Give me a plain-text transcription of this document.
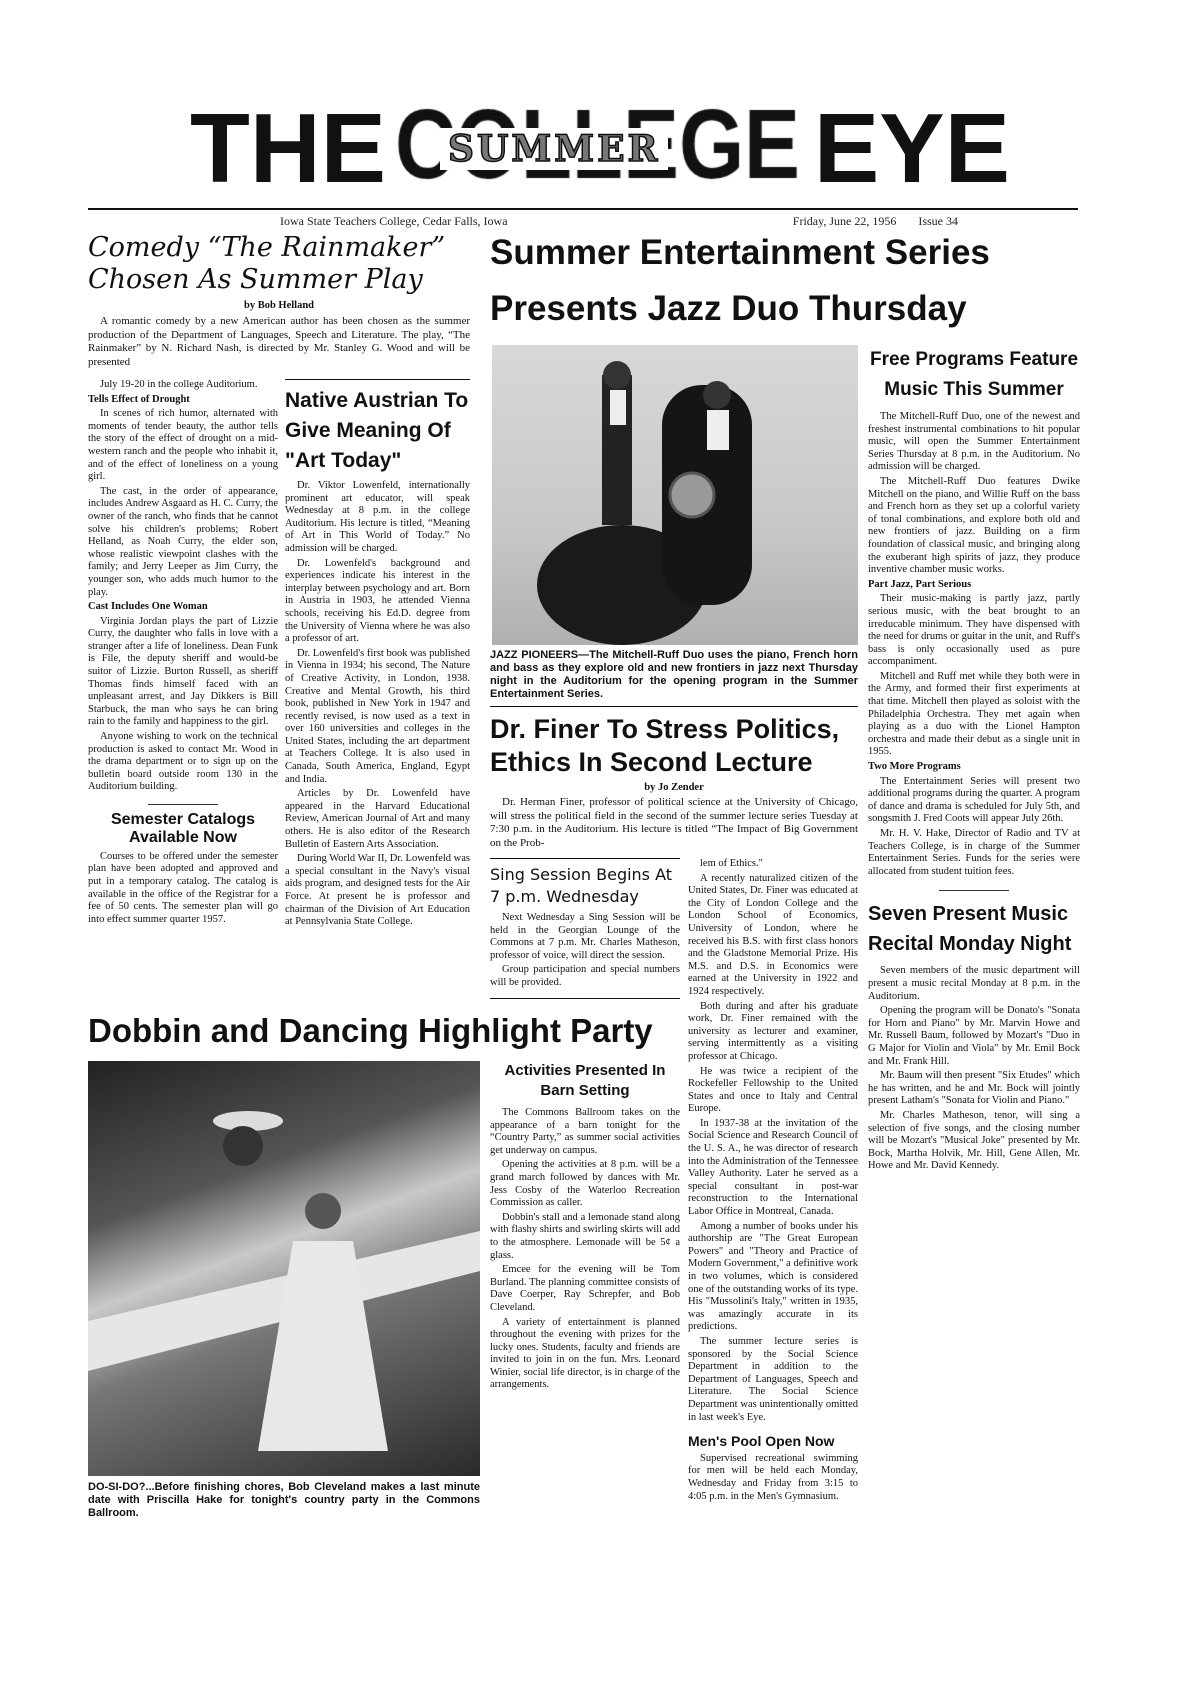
THE SUMMER EYE
Iowa State Teachers College, Cedar Falls, Iowa	Friday, June 22, 1956 Issue 34
Comedy “The Rainmaker”
Chosen As Summer Play
by Bob Helland

A romantic comedy by a new American author has been chosen as the summer production of the Department of Languages, Speech and Literature. The play, “The Rainmaker” by N. Richard Nash, is directed by Mr. Stanley G. Wood and will be presented

July 19-20 in the college Auditorium.

Tells Effect of Drought

In scenes of rich humor, alternated with moments of tender beauty, the author tells the story of the effect of drought on a mid-western ranch and the people who inhabit it, and of the effect of loneliness on a young girl.

The cast, in the order of appearance, includes Andrew Asgaard as H. C. Curry, the owner of the ranch, who finds that he cannot solve his children's problems; Robert Helland, as Noah Curry, the elder son, whose realistic viewpoint clashes with the family; and Jerry Leeper as Jim Curry, the younger son, who adds much humor to the play.

Cast Includes One Woman

Virginia Jordan plays the part of Lizzie Curry, the daughter who falls in love with a stranger after a life of loneliness. Dean Funk is File, the deputy sheriff and would-be suitor of Lizzie. Burton Russell, as sheriff Thomas finds himself faced with an unpleasant arrest, and Jay Dikkers is Bill Starbuck, the man who says he can bring rain to the family and happiness to the girl.

Anyone wishing to work on the technical production is asked to contact Mr. Wood in the drama department or to sign up on the bulletin board outside room 130 in the Auditorium building.

Semester Catalogs Available Now

Courses to be offered under the semester plan have been adopted and approved and put in a temporary catalog. The catalog is available in the office of the Registrar for a fee of 50 cents. The semester plan will go into effect summer quarter 1957.

Native Austrian To Give Meaning Of "Art Today"

Dr. Viktor Lowenfeld, internationally prominent art educator, will speak Wednesday at 8 p.m. in the college Auditorium. His lecture is titled, “Meaning of Art in This World of Today.” No admission will be charged.

Dr. Lowenfeld's background and experiences indicate his interest in the interplay between psychology and art. Born in Austria in 1903, he attended Vienna schools, receiving his Ed.D. degree from the University of Vienna where he was also a professor of art.

Dr. Lowenfeld's first book was published in Vienna in 1934; his second, The Nature of Creative Activity, in London, 1938. Creative and Mental Growth, his third book, published in New York in 1947 and recently revised, is now used as a text in over 160 universities and colleges in the United States, including the art department at Teachers College. It is also used in Canada, South America, England, Egypt and India.

Articles by Dr. Lowenfeld have appeared in the Harvard Educational Review, American Journal of Art and many others. He is also editor of the Research Bulletin of Eastern Arts Association.

During World War II, Dr. Lowenfeld was a special consultant in the Navy's visual aids program, and designed tests for the Air Force. At present he is professor and chairman of the Division of Art Education at Pennsylvania State College.

Summer Entertainment Series Presents Jazz Duo Thursday
JAZZ PIONEERS—The Mitchell-Ruff Duo uses the piano, French horn and bass as they explore old and new frontiers in jazz next Thursday night in the Auditorium for the opening program in the Summer Entertainment Series.
Dr. Finer To Stress Politics, Ethics In Second Lecture
by Jo Zender

Dr. Herman Finer, professor of political science at the University of Chicago, will stress the political field in the second of the summer lecture series Tuesday at 7:30 p.m. in the Auditorium. His lecture is titled “The Impact of Big Government on the Prob-

Sing Session Begins At 7 p.m. Wednesday

Next Wednesday a Sing Session will be held in the Georgian Lounge of the Commons at 7 p.m. Mr. Charles Matheson, professor of voice, will direct the session.

Group participation and special numbers will be provided.

lem of Ethics."

A recently naturalized citizen of the United States, Dr. Finer was educated at the City of London College and the London School of Economics, University of London, where he received his B.S. with first class honors and the Gladstone Memorial Prize. His M.S. and D.S. in Economics were earned at the University in 1922 and 1924 respectively.

Both during and after his graduate work, Dr. Finer remained with the university as lecturer and examiner, serving intermittently as a visiting professor at Chicago.

He was twice a recipient of the Rockefeller Fellowship to the United States and once to Italy and Central Europe.

In 1937-38 at the invitation of the Social Science and Research Council of the U. S. A., he was director of research into the Administration of the Tennessee Valley Authority. Later he served as a special consultant in post-war reconstruction to the International Labor Office in Montreal, Canada.

Among a number of books under his authorship are "The Great European Powers" and "Theory and Practice of Modern Government," a definitive work in two volumes, which is considered one of the outstanding works of its type. His "Mussolini's Italy," written in 1935, was amazingly accurate in its predictions.

The summer lecture series is sponsored by the Social Science Department in addition to the Department of Languages, Speech and Literature. The Social Science Department was unintentionally omitted in last week's Eye.

Men's Pool Open Now

Supervised recreational swimming for men will be held each Monday, Wednesday and Friday from 3:15 to 4:05 p.m. in the Men's Gymnasium.

Free Programs Feature Music This Summer

The Mitchell-Ruff Duo, one of the newest and freshest instrumental combinations to hit popular music, will open the Summer Entertainment Series Thursday at 8 p.m. in the Auditorium. No admission will be charged.

The Mitchell-Ruff Duo features Dwike Mitchell on the piano, and Willie Ruff on the bass and French horn as they set up a colorful variety of tonal combinations, and explore both old and new frontiers of jazz. Building on a firm foundation of classical music, and bringing along the exuberant high spirits of jazz, they produce inventive chamber music works.

Part Jazz, Part Serious

Their music-making is partly jazz, partly serious music, with the beat brought to an irreducable minimum. They have dispensed with the need for drums or guitar in the unit, and Ruff's bass is only occasionally used as pure accompaniment.

Mitchell and Ruff met while they both were in the Army, and formed their first experiments at that time. Mitchell then played as soloist with the Philadelphia Orchestra. They met again when playing as a duo with the Lionel Hampton orchestra and made their debut as a single unit in 1955.

Two More Programs

The Entertainment Series will present two additional programs during the quarter. A program of dance and drama is scheduled for July 5th, and songsmith J. Fred Coots will appear July 26th.

Mr. H. V. Hake, Director of Radio and TV at Teachers College, is in charge of the Summer Entertainment Series. Funds for the series were allocated from student tuition fees.

Seven Present Music Recital Monday Night

Seven members of the music department will present a music recital Monday at 8 p.m. in the Auditorium.

Opening the program will be Donato's "Sonata for Horn and Piano" by Mr. Marvin Howe and Mr. Russell Baum, followed by Mozart's "Duo in G Major for Violin and Viola" by Mr. Emil Bock and Mr. Frank Hill.

Mr. Baum will then present "Six Etudes" which he has written, and he and Mr. Bock will jointly present Latham's "Sonata for Violin and Piano."

Mr. Charles Matheson, tenor, will sing a selection of five songs, and the closing number will be Mozart's "Musical Joke" presented by Mr. Bock, Martha Holvik, Mr. Hill, Gene Allen, Mr. Howe and Mr. David Kennedy.

Dobbin and Dancing Highlight Party
DO-SI-DO?...Before finishing chores, Bob Cleveland makes a last minute date with Priscilla Hake for tonight's country party in the Commons Ballroom.
Activities Presented In Barn Setting

The Commons Ballroom takes on the appearance of a barn tonight for the “Country Party,” as summer social activities get underway on campus.

Opening the activities at 8 p.m. will be a grand march followed by dances with Mr. Jess Cosby of the Waterloo Recreation Commission as caller.

Dobbin's stall and a lemonade stand along with flashy shirts and swirling skirts will add to the atmosphere. Lemonade will be 5¢ a glass.

Emcee for the evening will be Tom Burland. The planning committee consists of Dave Coerper, Ray Schrepfer, and Bob Cleveland.

A variety of entertainment is planned throughout the evening with prizes for the lucky ones. Students, faculty and friends are invited to join in on the fun. Mrs. Leonard Winier, social life director, is in charge of the arrangements.
